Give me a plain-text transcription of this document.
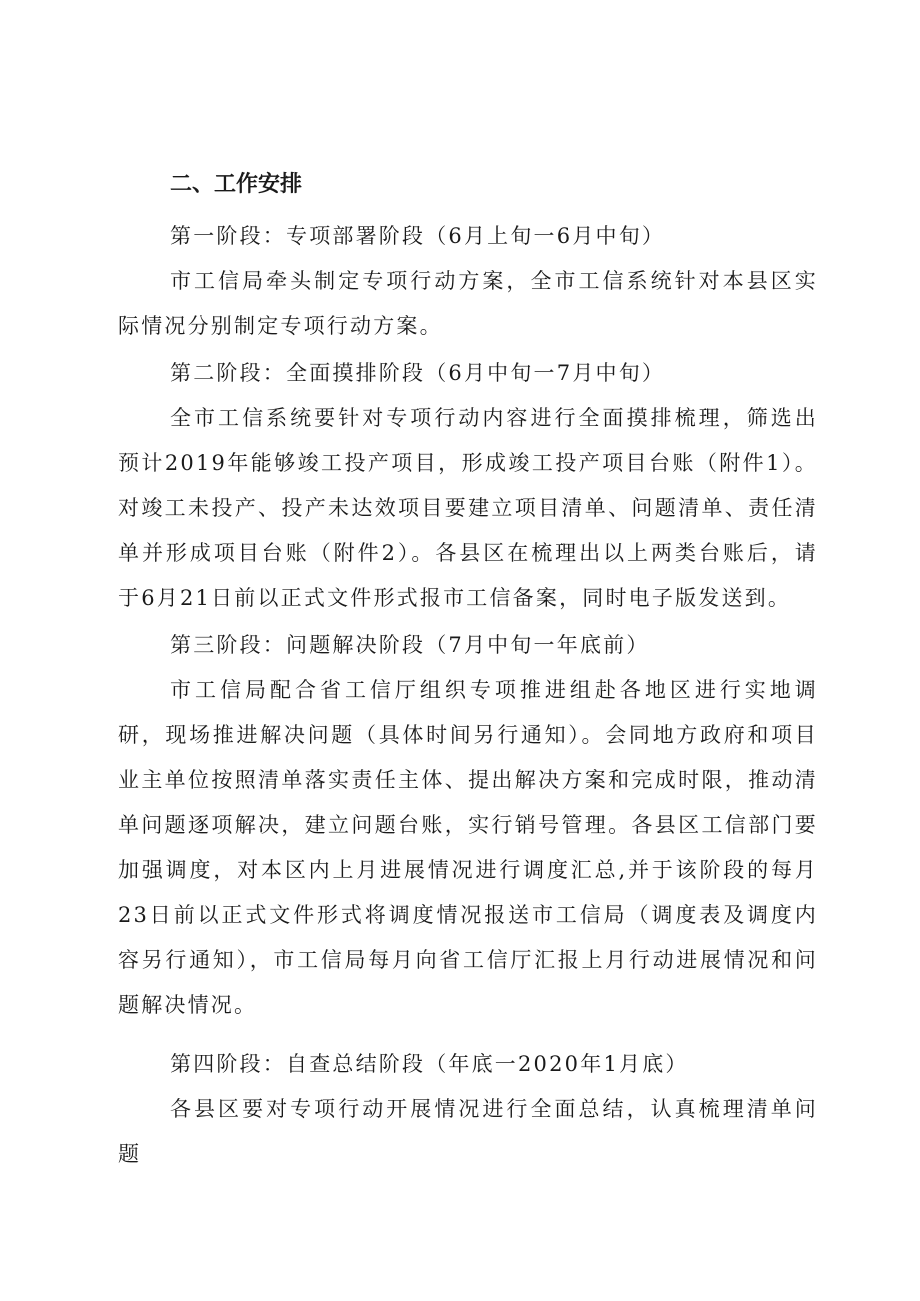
二、工作安排

第一阶段：专项部署阶段（6月上旬一6月中旬）

市工信局牵头制定专项行动方案，全市工信系统针对本县区实际情况分别制定专项行动方案。

第二阶段：全面摸排阶段（6月中旬一7月中旬）

全市工信系统要针对专项行动内容进行全面摸排梳理，筛选出预计2019年能够竣工投产项目，形成竣工投产项目台账（附件1）。对竣工未投产、投产未达效项目要建立项目清单、问题清单、责任清单并形成项目台账（附件2）。各县区在梳理出以上两类台账后，请于6月21日前以正式文件形式报市工信备案，同时电子版发送到。

第三阶段：问题解决阶段（7月中旬一年底前）

市工信局配合省工信厅组织专项推进组赴各地区进行实地调研，现场推进解决问题（具体时间另行通知）。会同地方政府和项目业主单位按照清单落实责任主体、提出解决方案和完成时限，推动清单问题逐项解决，建立问题台账，实行销号管理。各县区工信部门要加强调度，对本区内上月进展情况进行调度汇总,并于该阶段的每月23日前以正式文件形式将调度情况报送市工信局（调度表及调度内容另行通知），市工信局每月向省工信厅汇报上月行动进展情况和问题解决情况。

第四阶段：自查总结阶段（年底一2020年1月底）

各县区要对专项行动开展情况进行全面总结，认真梳理清单问题
